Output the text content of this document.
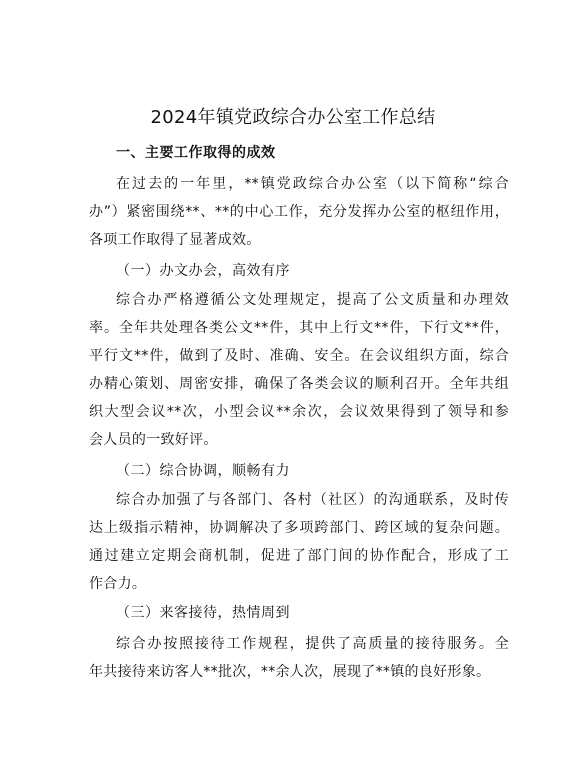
2024年镇党政综合办公室工作总结
一、主要工作取得的成效
在过去的一年里，**镇党政综合办公室（以下简称“综合
办”）紧密围绕**、**的中心工作，充分发挥办公室的枢纽作用，
各项工作取得了显著成效。
（一）办文办会，高效有序
综合办严格遵循公文处理规定，提高了公文质量和办理效
率。全年共处理各类公文**件，其中上行文**件，下行文**件，
平行文**件，做到了及时、准确、安全。在会议组织方面，综合
办精心策划、周密安排，确保了各类会议的顺利召开。全年共组
织大型会议**次，小型会议**余次，会议效果得到了领导和参
会人员的一致好评。
（二）综合协调，顺畅有力
综合办加强了与各部门、各村（社区）的沟通联系，及时传
达上级指示精神，协调解决了多项跨部门、跨区域的复杂问题。
通过建立定期会商机制，促进了部门间的协作配合，形成了工
作合力。
（三）来客接待，热情周到
综合办按照接待工作规程，提供了高质量的接待服务。全
年共接待来访客人**批次，**余人次，展现了**镇的良好形象。
